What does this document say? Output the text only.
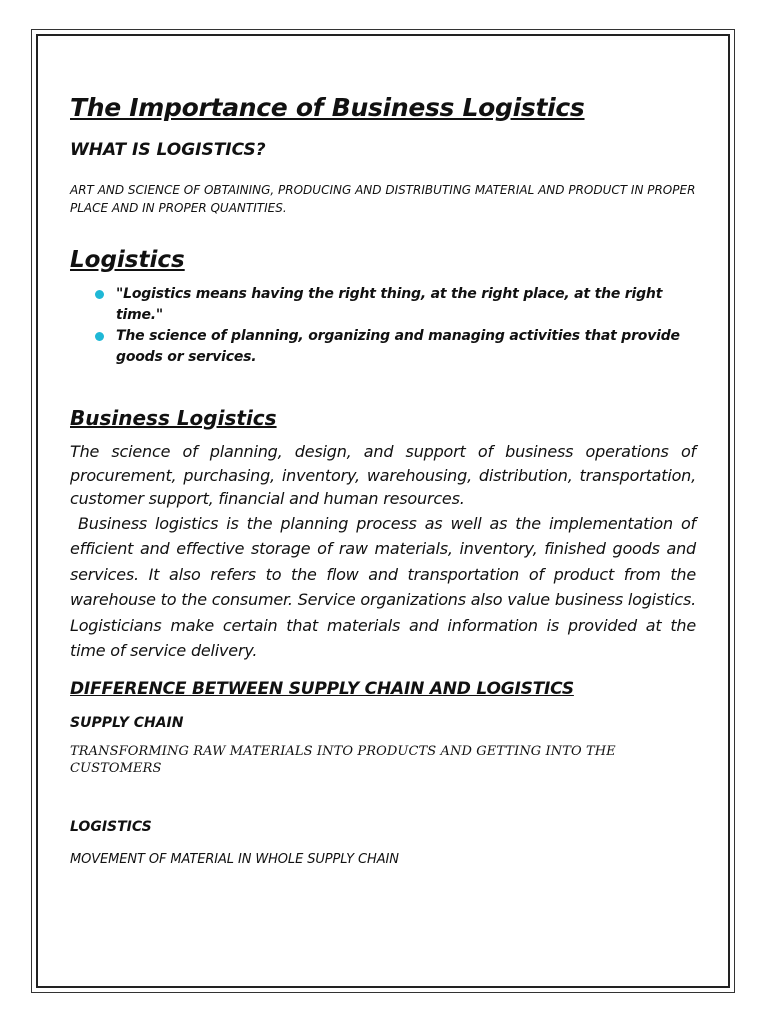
The Importance of Business Logistics
WHAT IS LOGISTICS?

ART AND SCIENCE OF OBTAINING, PRODUCING AND DISTRIBUTING MATERIAL AND PRODUCT IN PROPER PLACE AND IN PROPER QUANTITIES.

Logistics
"Logistics means having the right thing, at the right place, at the right time."
The science of planning, organizing and managing activities that provide goods or services.
Business Logistics

The science of planning, design, and support of business operations of procurement, purchasing, inventory, warehousing, distribution, transportation, customer support, financial and human resources.

Business logistics is the planning process as well as the implementation of efficient and effective storage of raw materials, inventory, finished goods and services. It also refers to the flow and transportation of product from the warehouse to the consumer. Service organizations also value business logistics. Logisticians make certain that materials and information is provided at the time of service delivery.

DIFFERENCE BETWEEN SUPPLY CHAIN AND LOGISTICS
SUPPLY CHAIN

TRANSFORMING RAW MATERIALS INTO PRODUCTS AND GETTING INTO THE CUSTOMERS

LOGISTICS

MOVEMENT OF MATERIAL IN WHOLE SUPPLY CHAIN
